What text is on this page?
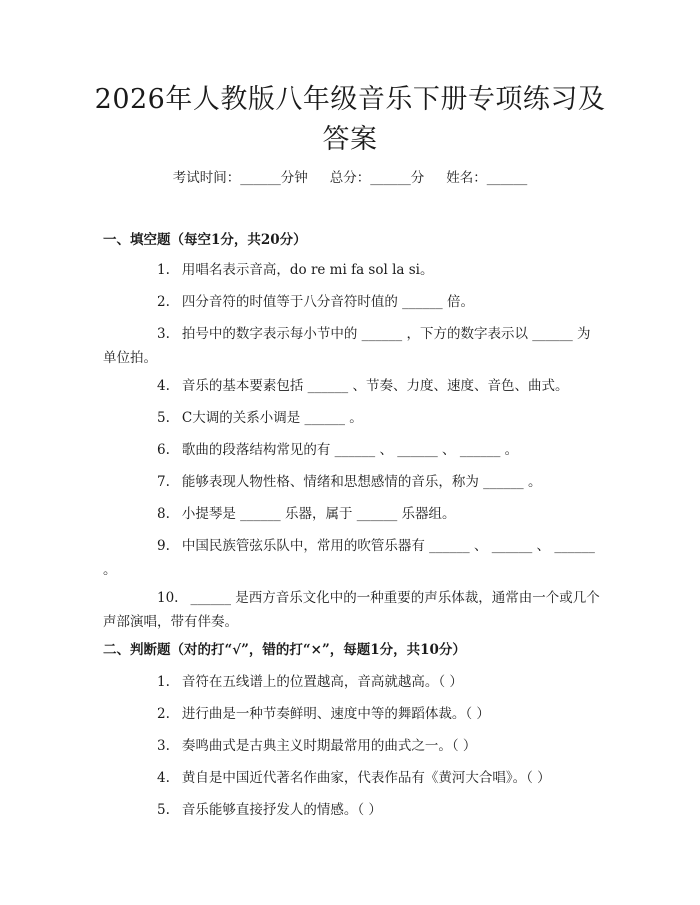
2026年人教版八年级音乐下册专项练习及答案
考试时间：______分钟 总分：______分 姓名：______
一、填空题（每空1分，共20分）
1. 用唱名表示音高，do re mi fa sol la si。
2. 四分音符的时值等于八分音符时值的 ______ 倍。
3. 拍号中的数字表示每小节中的 ______ ，下方的数字表示以 ______ 为单位拍。
4. 音乐的基本要素包括 ______ 、节奏、力度、速度、音色、曲式。
5. C大调的关系小调是 ______ 。
6. 歌曲的段落结构常见的有 ______ 、 ______ 、 ______ 。
7. 能够表现人物性格、情绪和思想感情的音乐，称为 ______ 。
8. 小提琴是 ______ 乐器，属于 ______ 乐器组。
9. 中国民族管弦乐队中，常用的吹管乐器有 ______ 、 ______ 、 ______ 。
10. ______ 是西方音乐文化中的一种重要的声乐体裁，通常由一个或几个声部演唱，带有伴奏。
二、判断题（对的打“√”，错的打“×”，每题1分，共10分）
1. 音符在五线谱上的位置越高，音高就越高。（ ）
2. 进行曲是一种节奏鲜明、速度中等的舞蹈体裁。（ ）
3. 奏鸣曲式是古典主义时期最常用的曲式之一。（ ）
4. 黄自是中国近代著名作曲家，代表作品有《黄河大合唱》。（ ）
5. 音乐能够直接抒发人的情感。（ ）
